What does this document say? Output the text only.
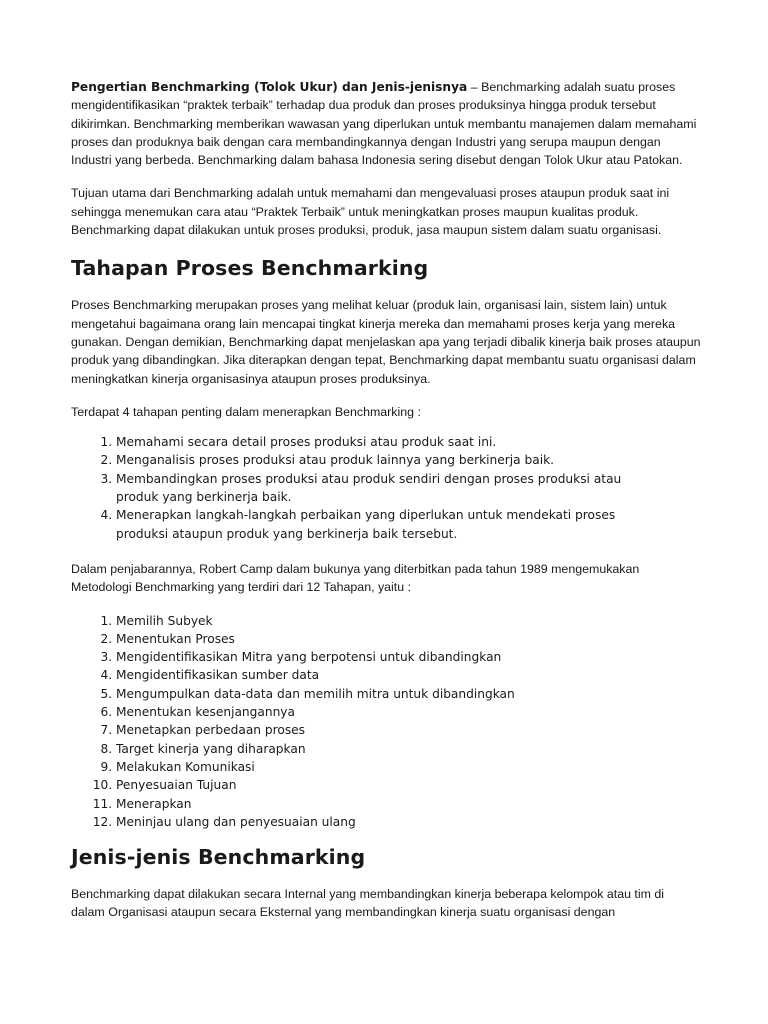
Pengertian Benchmarking (Tolok Ukur) dan Jenis-jenisnya – Benchmarking adalah suatu proses mengidentifikasikan “praktek terbaik” terhadap dua produk dan proses produksinya hingga produk tersebut dikirimkan. Benchmarking memberikan wawasan yang diperlukan untuk membantu manajemen dalam memahami proses dan produknya baik dengan cara membandingkannya dengan Industri yang serupa maupun dengan Industri yang berbeda. Benchmarking dalam bahasa Indonesia sering disebut dengan Tolok Ukur atau Patokan.

Tujuan utama dari Benchmarking adalah untuk memahami dan mengevaluasi proses ataupun produk saat ini sehingga menemukan cara atau “Praktek Terbaik” untuk meningkatkan proses maupun kualitas produk. Benchmarking dapat dilakukan untuk proses produksi, produk, jasa maupun sistem dalam suatu organisasi.

Tahapan Proses Benchmarking

Proses Benchmarking merupakan proses yang melihat keluar (produk lain, organisasi lain, sistem lain) untuk mengetahui bagaimana orang lain mencapai tingkat kinerja mereka dan memahami proses kerja yang mereka gunakan. Dengan demikian, Benchmarking dapat menjelaskan apa yang terjadi dibalik kinerja baik proses ataupun produk yang dibandingkan. Jika diterapkan dengan tepat, Benchmarking dapat membantu suatu organisasi dalam meningkatkan kinerja organisasinya ataupun proses produksinya.

Terdapat 4 tahapan penting dalam menerapkan Benchmarking :

1. Memahami secara detail proses produksi atau produk saat ini.
2. Menganalisis proses produksi atau produk lainnya yang berkinerja baik.
3. Membandingkan proses produksi atau produk sendiri dengan proses produksi atau produk yang berkinerja baik.
4. Menerapkan langkah-langkah perbaikan yang diperlukan untuk mendekati proses produksi ataupun produk yang berkinerja baik tersebut.

Dalam penjabarannya, Robert Camp dalam bukunya yang diterbitkan pada tahun 1989 mengemukakan Metodologi Benchmarking yang terdiri dari 12 Tahapan, yaitu :

1. Memilih Subyek
2. Menentukan Proses
3. Mengidentifikasikan Mitra yang berpotensi untuk dibandingkan
4. Mengidentifikasikan sumber data
5. Mengumpulkan data-data dan memilih mitra untuk dibandingkan
6. Menentukan kesenjangannya
7. Menetapkan perbedaan proses
8. Target kinerja yang diharapkan
9. Melakukan Komunikasi
10. Penyesuaian Tujuan
11. Menerapkan
12. Meninjau ulang dan penyesuaian ulang
Jenis-jenis Benchmarking

Benchmarking dapat dilakukan secara Internal yang membandingkan kinerja beberapa kelompok atau tim di dalam Organisasi ataupun secara Eksternal yang membandingkan kinerja suatu organisasi dengan
